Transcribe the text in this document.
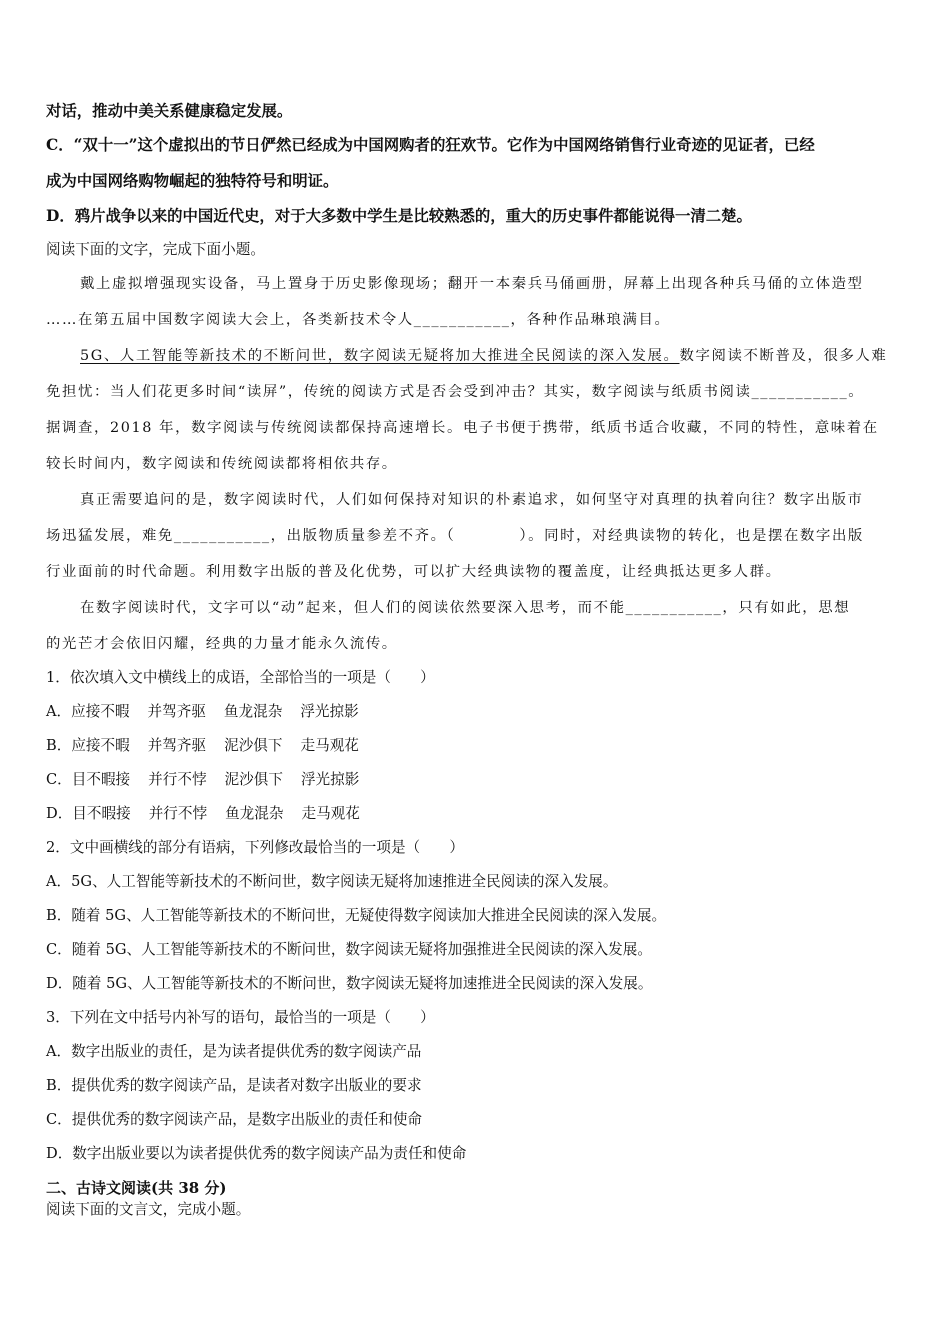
对话，推动中美关系健康稳定发展。
C．“双十一”这个虚拟出的节日俨然已经成为中国网购者的狂欢节。它作为中国网络销售行业奇迹的见证者，已经
成为中国网络购物崛起的独特符号和明证。
D．鸦片战争以来的中国近代史，对于大多数中学生是比较熟悉的，重大的历史事件都能说得一清二楚。
阅读下面的文字，完成下面小题。
戴上虚拟增强现实设备，马上置身于历史影像现场；翻开一本秦兵马俑画册，屏幕上出现各种兵马俑的立体造型
……在第五届中国数字阅读大会上，各类新技术令人___________，各种作品琳琅满目。
5G、人工智能等新技术的不断问世，数字阅读无疑将加大推进全民阅读的深入发展。数字阅读不断普及，很多人难
免担忧：当人们花更多时间“读屏”，传统的阅读方式是否会受到冲击？其实，数字阅读与纸质书阅读___________。
据调查，2018 年，数字阅读与传统阅读都保持高速增长。电子书便于携带，纸质书适合收藏，不同的特性，意味着在
较长时间内，数字阅读和传统阅读都将相依共存。
真正需要追问的是，数字阅读时代，人们如何保持对知识的朴素追求，如何坚守对真理的执着向往？数字出版市
场迅猛发展，难免___________，出版物质量参差不齐。（　　　　）。同时，对经典读物的转化，也是摆在数字出版
行业面前的时代命题。利用数字出版的普及化优势，可以扩大经典读物的覆盖度，让经典抵达更多人群。
在数字阅读时代，文字可以“动”起来，但人们的阅读依然要深入思考，而不能___________，只有如此，思想
的光芒才会依旧闪耀，经典的力量才能永久流传。
1．依次填入文中横线上的成语，全部恰当的一项是（　　）
A．应接不暇 并驾齐驱 鱼龙混杂 浮光掠影
B．应接不暇 并驾齐驱 泥沙俱下 走马观花
C．目不暇接 并行不悖 泥沙俱下 浮光掠影
D．目不暇接 并行不悖 鱼龙混杂 走马观花
2．文中画横线的部分有语病，下列修改最恰当的一项是（　　）
A．5G、人工智能等新技术的不断问世，数字阅读无疑将加速推进全民阅读的深入发展。
B．随着 5G、人工智能等新技术的不断问世，无疑使得数字阅读加大推进全民阅读的深入发展。
C．随着 5G、人工智能等新技术的不断问世，数字阅读无疑将加强推进全民阅读的深入发展。
D．随着 5G、人工智能等新技术的不断问世，数字阅读无疑将加速推进全民阅读的深入发展。
3．下列在文中括号内补写的语句，最恰当的一项是（　　）
A．数字出版业的责任，是为读者提供优秀的数字阅读产品
B．提供优秀的数字阅读产品，是读者对数字出版业的要求
C．提供优秀的数字阅读产品，是数字出版业的责任和使命
D．数字出版业要以为读者提供优秀的数字阅读产品为责任和使命
二、古诗文阅读(共 38 分)
阅读下面的文言文，完成小题。
